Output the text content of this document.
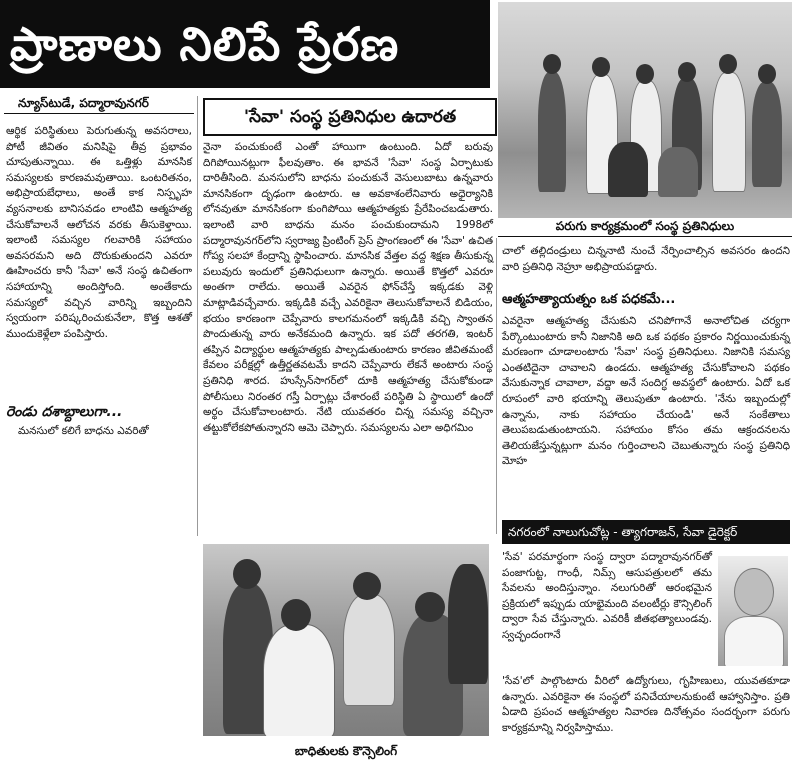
ప్రాణాలు నిలిపే ప్రేరణ
పరుగు కార్యక్రమంలో సంస్థ ప్రతినిధులు
న్యూస్‌టుడే, పద్మారావునగర్

ఆర్థిక పరిస్థితులు పెరుగుతున్న అవసరాలు, పోటీ జీవితం మనిషిపై తీవ్ర ప్రభావం చూపుతున్నాయి. ఈ ఒత్తిళ్లు మానసిక సమస్యలకు కారణమవుతాయి. ఒంటరితనం, అభిప్రాయబేధాలు, అంతే కాక నిస్పృహ వ్యసనాలకు బానిసవడం లాంటివి ఆత్మహత్య చేసుకోవాలనే ఆలోచన వరకు తీసుకెళ్తాయి. ఇలాంటి సమస్యల గలవారికి సహాయం అవసరమని అది దొరుకుతుందని ఎవరూ ఊహించరు కానీ 'సేవా' అనే సంస్థ ఉచితంగా సహాయాన్ని అందిస్తోంది. అంతేకాదు సమస్యలో వచ్చిన వారిన్ని ఇబ్బందిని స్వయంగా పరిష్కరించుకునేలా, కొత్త ఆశతో ముందుకెళ్లేలా పంపిస్తారు.

రెండు దశాబ్దాలుగా...
మనసులో కలిగే బాధను ఎవరితో
'సేవా' సంస్థ ప్రతినిధుల ఉదారత
నైనా పంచుకుంటే ఎంతో హాయిగా ఉంటుంది. ఏదో బరువు దిగిపోయినట్లుగా ఫీలవుతాం. ఈ భావనే 'సేవా' సంస్థ ఏర్పాటుకు దారితీసింది. మనసులోని బాధను పంచుకునే వెసులుబాటు ఉన్నవారు మానసికంగా దృఢంగా ఉంటారు. ఆ అవకాశంలేనివారు అధైర్యానికి లోనవుతూ మానసికంగా కుంగిపోయి ఆత్మహత్యకు ప్రేరేపించబడుతారు. ఇలాంటి వారి బాధను మనం పంచుకుందామని 1998లో పద్మారావునగర్‌లోని స్వరాజ్య ప్రింటింగ్ ప్రెస్ ప్రాంగణంలో ఈ 'సేవా' ఉచిత గోప్య సలహా కేంద్రాన్ని స్థాపించారు. మానసిక వేత్తల వద్ద శిక్షణ తీసుకున్న పలువురు ఇందులో ప్రతినిధులుగా ఉన్నారు. అయితే కొత్తలో ఎవరూ అంతగా రాలేదు. అయితే ఎవరైన ఫోన్‌చేస్తే ఇక్కడకు వెళ్లి మాట్లాడివచ్చేవారు. ఇక్కడికి వచ్చే ఎవరికైనా తెలుసుకోవాలనే బిడియం, భయం కారణంగా చెప్పేవారు కాలగమనంలో ఇక్కడికి వచ్చి స్వాంతన పొందుతున్న వారు అనేకమంది ఉన్నారు. ఇక పదో తరగతి, ఇంటర్ తప్పిన విద్యార్థుల ఆత్మహత్యకు పాల్పడుతుంటారు కారణం జీవితమంటే కేవలం పరీక్షల్లో ఉత్తీర్ణతవటమే కాదని చెప్పేవారు లేకనే అంటారు సంస్థ ప్రతినిధి శారద. హుస్సేన్‌సాగర్‌లో దూకి ఆత్మహత్య చేసుకోకుండా పోలీసులు నిరంతర గస్తీ ఏర్పాట్లు చేశారంటే పరిస్థితి ఏ స్థాయిలో ఉందో అర్థం చేసుకోవాలంటారు. నేటి యువతరం చిన్న సమస్య వచ్చినా తట్టుకోలేకపోతున్నారని ఆమె చెప్పారు. సమస్యలను ఎలా అధిగమిం
బాధితులకు కౌన్సెలింగ్
చాలో తల్లిదండ్రులు చిన్ననాటి నుంచే నేర్పించాల్సిన అవసరం ఉందని వారి ప్రతినిధి నెహ్రూ అభిప్రాయపడ్డారు.
ఆత్మహత్యాయత్నం ఒక పధకమే...
ఎవరైనా ఆత్మహత్య చేసుకుని చనిపోగానే అనాలోచిత చర్యగా పేర్కొంటుంటారు కానీ నిజానికి అది ఒక పథకం ప్రకారం నిర్ణయించుకున్న మరణంగా చూడాలంటారు 'సేవా' సంస్థ ప్రతినిధులు. నిజానికి సమస్య ఎంతటిదైనా చావాలని ఉండదు. ఆత్మహత్య చేసుకోవాలని పథకం వేసుకున్నాక చావాలా, వద్దా అనే సందిగ్ధ అవస్థలో ఉంటారు. ఏదో ఒక రూపంలో వారి భయాన్ని తెలుపుతూ ఉంటారు. 'నేను ఇబ్బందుల్లో ఉన్నాను, నాకు సహాయం చేయండి' అనే సంకేతాలు తెలుపబడుతుంటాయని. సహాయం కోసం తమ ఆక్రందనలను తెలియజేస్తున్నట్లుగా మనం గుర్తించాలని చెబుతున్నారు సంస్థ ప్రతినిధి మోహ
నగరంలో నాలుగుచోట్ల - త్యాగరాజన్, సేవా డైరెక్టర్
'సేవ' పరమార్థంగా సంస్థ ద్వారా పద్మారావునగర్‌తో పంజాగుట్ట, గాంధీ, నిమ్స్ ఆసుపత్రులలో తమ సేవలను అందిస్తున్నాం. నలుగురితో ఆరంభమైన ప్రక్రియలో ఇప్పుడు యాభైమంది వలంటీర్లు కౌన్సిలింగ్ ద్వారా సేవ చేస్తున్నారు. ఎవరికీ జీతభత్యాలుండవు. స్వచ్ఛందంగానే
'సేవ'లో పాల్గొంటారు వీరిలో ఉద్యోగులు, గృహిణులు, యువతకూడా ఉన్నారు. ఎవరికైనా ఈ సంస్థలో పనిచేయాలనుకుంటే ఆహ్వానిస్తాం. ప్రతి ఏడాది ప్రపంచ ఆత్మహత్యల నివారణ దినోత్సవం సందర్భంగా పరుగు కార్యక్రమాన్ని నిర్వహిస్తాము.
